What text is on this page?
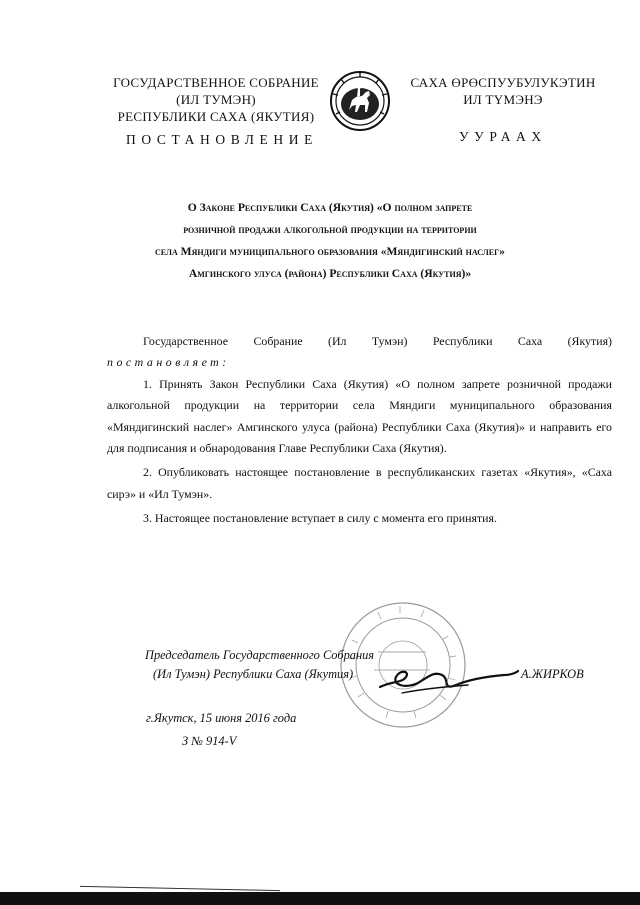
ГОСУДАРСТВЕННОЕ СОБРАНИЕ
(ИЛ ТУМЭН)
РЕСПУБЛИКИ САХА (ЯКУТИЯ)
САХА ӨРӨСПУУБУЛУКЭТИН
ИЛ ТҮМЭНЭ
ПОСТАНОВЛЕНИЕ	УУРААХ
О Законе Республики Саха (Якутия) «О полном запрете
розничной продажи алкогольной продукции на территории
села Мяндиги муниципального образования «Мяндигинский наслег»
Амгинского улуса (района) Республики Саха (Якутия)»
Государственное Собрание (Ил Тумэн) Республики Саха (Якутия)
постановляет:
1. Принять Закон Республики Саха (Якутия) «О полном запрете розничной продажи алкогольной продукции на территории села Мяндиги муниципального образования «Мяндигинский наслег» Амгинского улуса (района) Республики Саха (Якутия)» и направить его для подписания и обнародования Главе Республики Саха (Якутия).
2. Опубликовать настоящее постановление в республиканских газетах «Якутия», «Саха сирэ» и «Ил Тумэн».
3. Настоящее постановление вступает в силу с момента его принятия.
Председатель Государственного Собрания
(Ил Тумэн) Республики Саха (Якутия)	А.ЖИРКОВ
г.Якутск, 15 июня 2016 года
З № 914-V
